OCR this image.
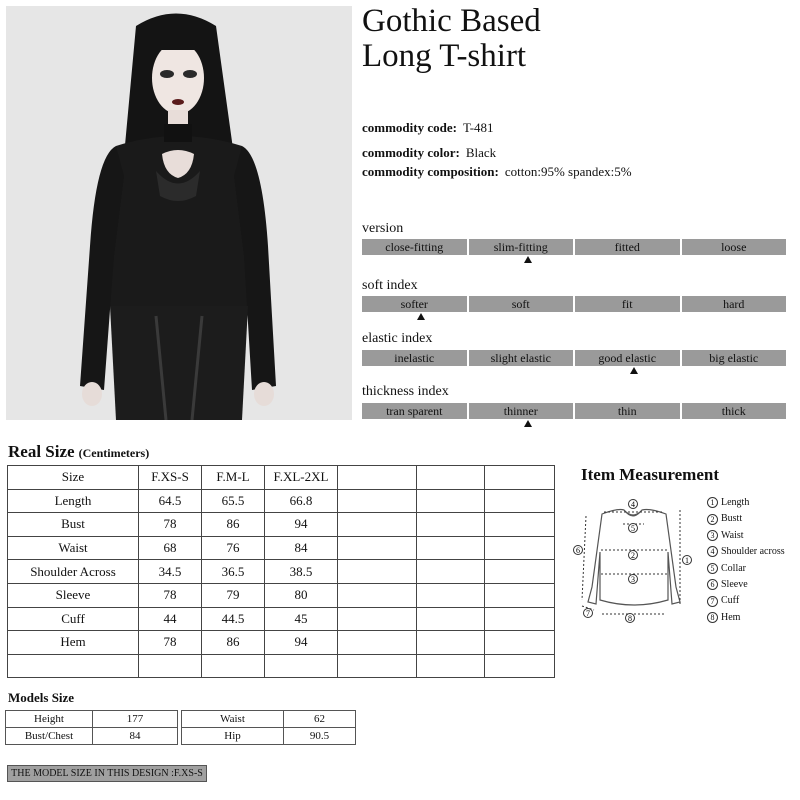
Gothic Based
Long T-shirt
commodity code: T-481
commodity color: Black
commodity composition: cotton:95% spandex:5%
version
close-fitting	slim-fitting	fitted	loose
soft index
softer	soft	fit	hard
elastic index
inelastic	slight elastic	good elastic	big elastic
thickness index
tran sparent	thinner	thin	thick
Real Size (Centimeters)
Size	F.XS-S	F.M-L	F.XL-2XL			
Length	64.5	65.5	66.8			
Bust	78	86	94			
Waist	68	76	84			
Shoulder Across	34.5	36.5	38.5			
Sleeve	78	79	80			
Cuff	44	44.5	45			
Hem	78	86	94			

Item Measurement
4
5
2
3
1
6
7
8
1 Length
2 Bustt
3 Waist
4 Shoulder across
5 Collar
6 Sleeve
7 Cuff
8 Hem
Models Size
Height	177		Waist	62
Bust/Chest	84		Hip	90.5
THE MODEL SIZE IN THIS DESIGN :F.XS-S
